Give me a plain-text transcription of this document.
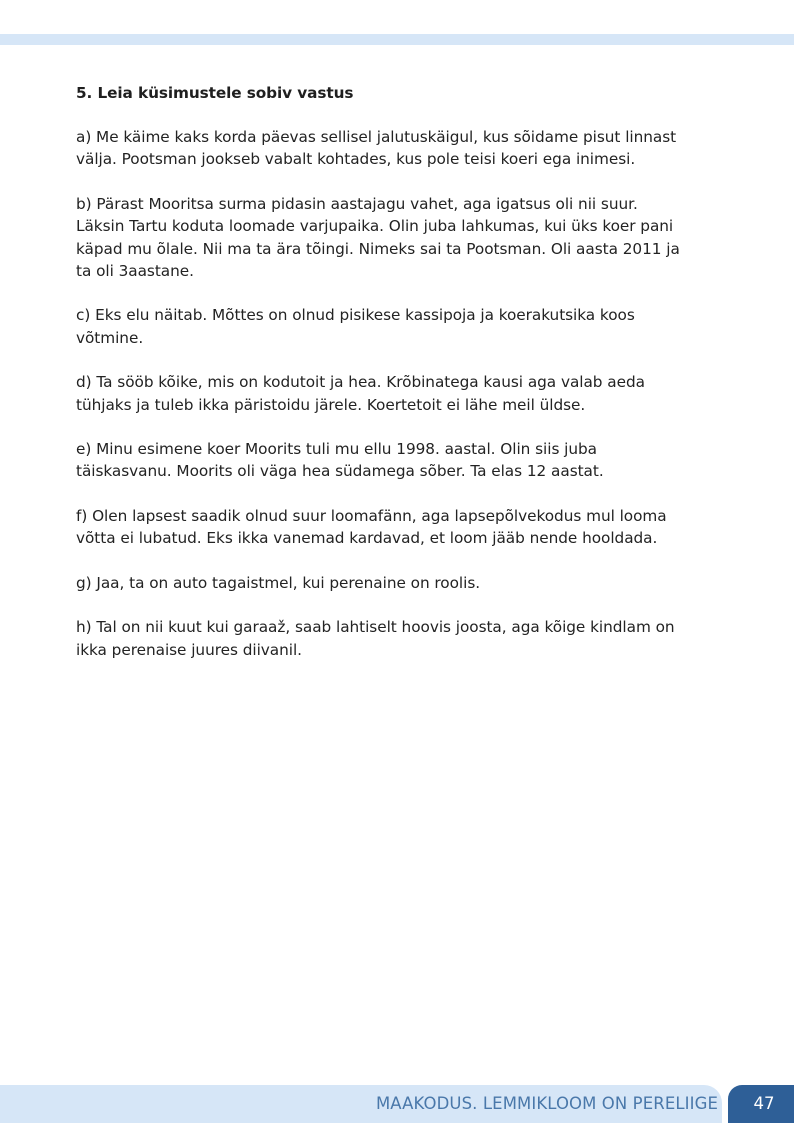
5. Leia küsimustele sobiv vastus

a) Me käime kaks korda päevas sellisel jalutuskäigul, kus sõidame pisut linnast
välja. Pootsman jookseb vabalt kohtades, kus pole teisi koeri ega inimesi.

b) Pärast Mooritsa surma pidasin aastajagu vahet, aga igatsus oli nii suur.
Läksin Tartu koduta loomade varjupaika. Olin juba lahkumas, kui üks koer pani
käpad mu õlale. Nii ma ta ära tõingi. Nimeks sai ta Pootsman. Oli aasta 2011 ja
ta oli 3aastane.

c) Eks elu näitab. Mõttes on olnud pisikese kassipoja ja koerakutsika koos
võtmine.

d) Ta sööb kõike, mis on kodutoit ja hea. Krõbinatega kausi aga valab aeda
tühjaks ja tuleb ikka päristoidu järele. Koertetoit ei lähe meil üldse.

e) Minu esimene koer Moorits tuli mu ellu 1998. aastal. Olin siis juba
täiskasvanu. Moorits oli väga hea südamega sõber. Ta elas 12 aastat.

f) Olen lapsest saadik olnud suur loomafänn, aga lapsepõlvekodus mul looma
võtta ei lubatud. Eks ikka vanemad kardavad, et loom jääb nende hooldada.

g) Jaa, ta on auto tagaistmel, kui perenaine on roolis.

h) Tal on nii kuut kui garaaž, saab lahtiselt hoovis joosta, aga kõige kindlam on
ikka perenaise juures diivanil.

MAAKODUS. LEMMIKLOOM ON PERELIIGE	47
